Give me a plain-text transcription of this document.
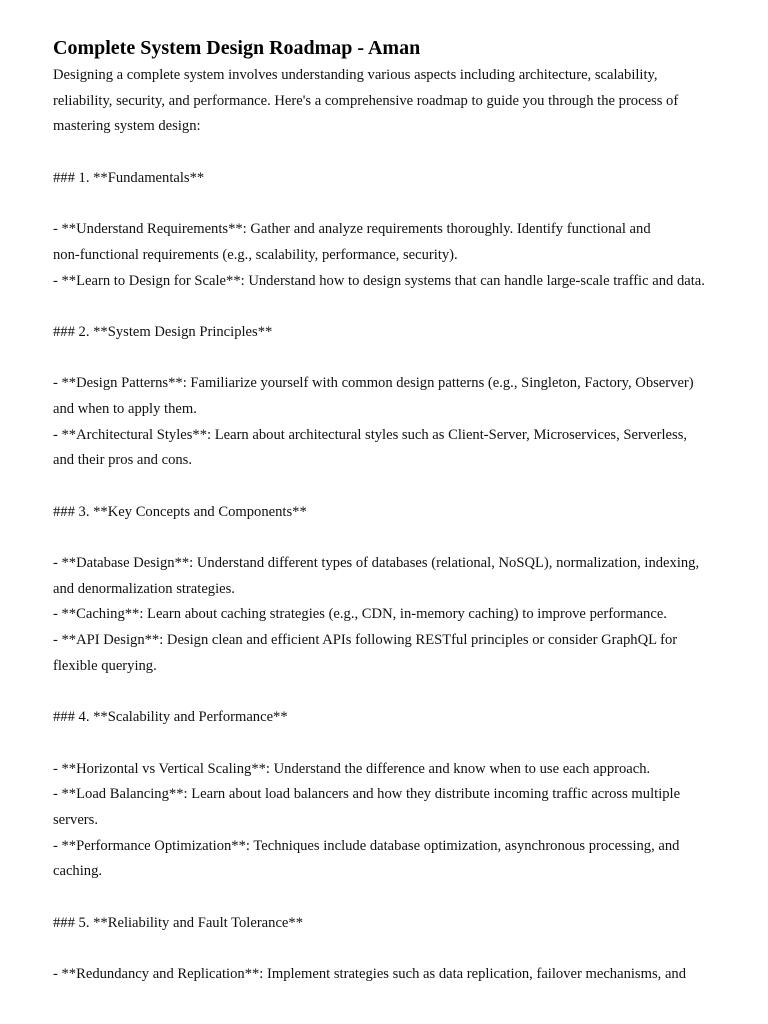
Complete System Design Roadmap - Aman
Designing a complete system involves understanding various aspects including architecture, scalability,
reliability, security, and performance. Here's a comprehensive roadmap to guide you through the process of
mastering system design:
### 1. **Fundamentals**
- **Understand Requirements**: Gather and analyze requirements thoroughly. Identify functional and
non-functional requirements (e.g., scalability, performance, security).
- **Learn to Design for Scale**: Understand how to design systems that can handle large-scale traffic and data.
### 2. **System Design Principles**
- **Design Patterns**: Familiarize yourself with common design patterns (e.g., Singleton, Factory, Observer)
and when to apply them.
- **Architectural Styles**: Learn about architectural styles such as Client-Server, Microservices, Serverless,
and their pros and cons.
### 3. **Key Concepts and Components**
- **Database Design**: Understand different types of databases (relational, NoSQL), normalization, indexing,
and denormalization strategies.
- **Caching**: Learn about caching strategies (e.g., CDN, in-memory caching) to improve performance.
- **API Design**: Design clean and efficient APIs following RESTful principles or consider GraphQL for
flexible querying.
### 4. **Scalability and Performance**
- **Horizontal vs Vertical Scaling**: Understand the difference and know when to use each approach.
- **Load Balancing**: Learn about load balancers and how they distribute incoming traffic across multiple
servers.
- **Performance Optimization**: Techniques include database optimization, asynchronous processing, and
caching.
### 5. **Reliability and Fault Tolerance**
- **Redundancy and Replication**: Implement strategies such as data replication, failover mechanisms, and
